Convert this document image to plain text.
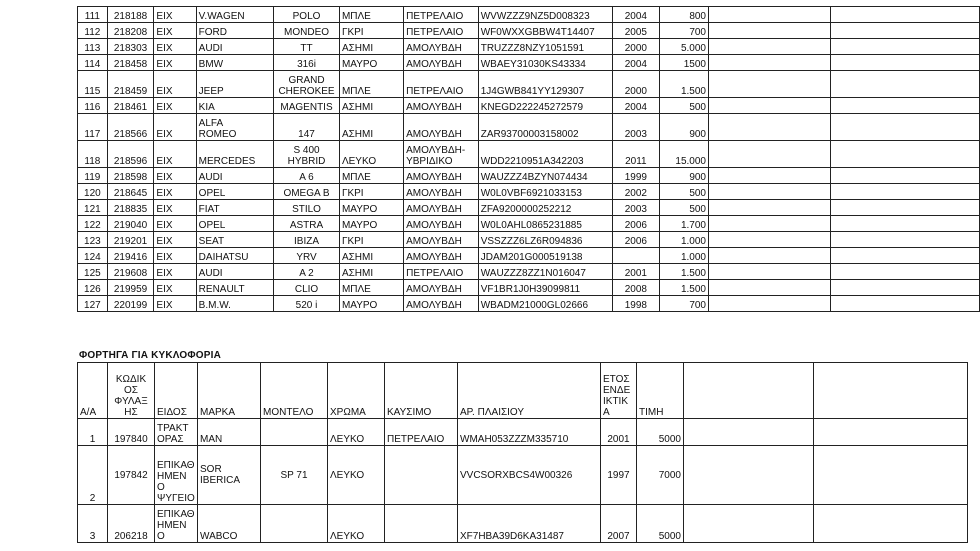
111	218188	ΕΙΧ	V.WAGEN	POLO	ΜΠΛΕ	ΠΕΤΡΕΛΑΙΟ	WVWZZZ9NZ5D008323	2004	800		
112	218208	ΕΙΧ	FORD	MONDEO	ΓΚΡΙ	ΠΕΤΡΕΛΑΙΟ	WF0WXXGBBW4T14407	2005	700		
113	218303	ΕΙΧ	AUDI	TT	ΑΣΗΜΙ	ΑΜΟΛΥΒΔΗ	TRUZZZ8NZY1051591	2000	5.000		
114	218458	ΕΙΧ	BMW	316i	ΜΑΥΡΟ	ΑΜΟΛΥΒΔΗ	WBAEY31030KS43334	2004	1500		
115	218459	ΕΙΧ	JEEP	GRAND
CHEROKEE	ΜΠΛΕ	ΠΕΤΡΕΛΑΙΟ	1J4GWB841YY129307	2000	1.500		
116	218461	ΕΙΧ	KIA	MAGENTIS	ΑΣΗΜΙ	ΑΜΟΛΥΒΔΗ	KNEGD222245272579	2004	500		
117	218566	ΕΙΧ	ALFA
ROMEO	147	ΑΣΗΜΙ	ΑΜΟΛΥΒΔΗ	ZAR93700003158002	2003	900		
118	218596	ΕΙΧ	MERCEDES	S 400
HYBRID	ΛΕΥΚΟ	ΑΜΟΛΥΒΔΗ-
ΥΒΡΙΔΙΚΟ	WDD2210951A342203	2011	15.000		
119	218598	ΕΙΧ	AUDI	A 6	ΜΠΛΕ	ΑΜΟΛΥΒΔΗ	WAUZZZ4BZYN074434	1999	900		
120	218645	ΕΙΧ	OPEL	OMEGA B	ΓΚΡΙ	ΑΜΟΛΥΒΔΗ	W0L0VBF6921033153	2002	500		
121	218835	ΕΙΧ	FIAT	STILO	ΜΑΥΡΟ	ΑΜΟΛΥΒΔΗ	ZFA9200000252212	2003	500		
122	219040	ΕΙΧ	OPEL	ASTRA	ΜΑΥΡΟ	ΑΜΟΛΥΒΔΗ	W0L0AHL0865231885	2006	1.700		
123	219201	ΕΙΧ	SEAT	IBIZA	ΓΚΡΙ	ΑΜΟΛΥΒΔΗ	VSSZZZ6LZ6R094836	2006	1.000		
124	219416	ΕΙΧ	DAIHATSU	YRV	ΑΣΗΜΙ	ΑΜΟΛΥΒΔΗ	JDAM201G000519138		1.000		
125	219608	ΕΙΧ	AUDI	A 2	ΑΣΗΜΙ	ΠΕΤΡΕΛΑΙΟ	WAUZZZ8ZZ1N016047	2001	1.500		
126	219959	ΕΙΧ	RENAULT	CLIO	ΜΠΛΕ	ΑΜΟΛΥΒΔΗ	VF1BR1J0H39099811	2008	1.500		
127	220199	ΕΙΧ	B.M.W.	520 i	ΜΑΥΡΟ	ΑΜΟΛΥΒΔΗ	WBADM21000GL02666	1998	700		
ΦΟΡΤΗΓΑ ΓΙΑ ΚΥΚΛΟΦΟΡΙΑ
Α/Α	ΚΩΔΙΚ
ΟΣ
ΦΥΛΑΞ
ΗΣ	ΕΙΔΟΣ	ΜΑΡΚΑ	ΜΟΝΤΕΛΟ	ΧΡΩΜΑ	ΚΑΥΣΙΜΟ	ΑΡ. ΠΛΑΙΣΙΟΥ	ΕΤΟΣ
ΕΝΔΕ
ΙΚΤΙΚ
Α	ΤΙΜΗ		
1	197840	ΤΡΑΚΤ
ΟΡΑΣ	MAN		ΛΕΥΚΟ	ΠΕΤΡΕΛΑΙΟ	WMAH053ZZZM335710	2001	5000		
2	197842	ΕΠΙΚΑΘ
ΗΜΕΝ
Ο
ΨΥΓΕΙΟ	SOR
IBERICA	SP 71	ΛΕΥΚΟ		VVCSORXBCS4W00326	1997	7000		
3	206218	ΕΠΙΚΑΘ
ΗΜΕΝ
Ο	WABCO		ΛΕΥΚΟ		XF7HBA39D6KA31487	2007	5000		
